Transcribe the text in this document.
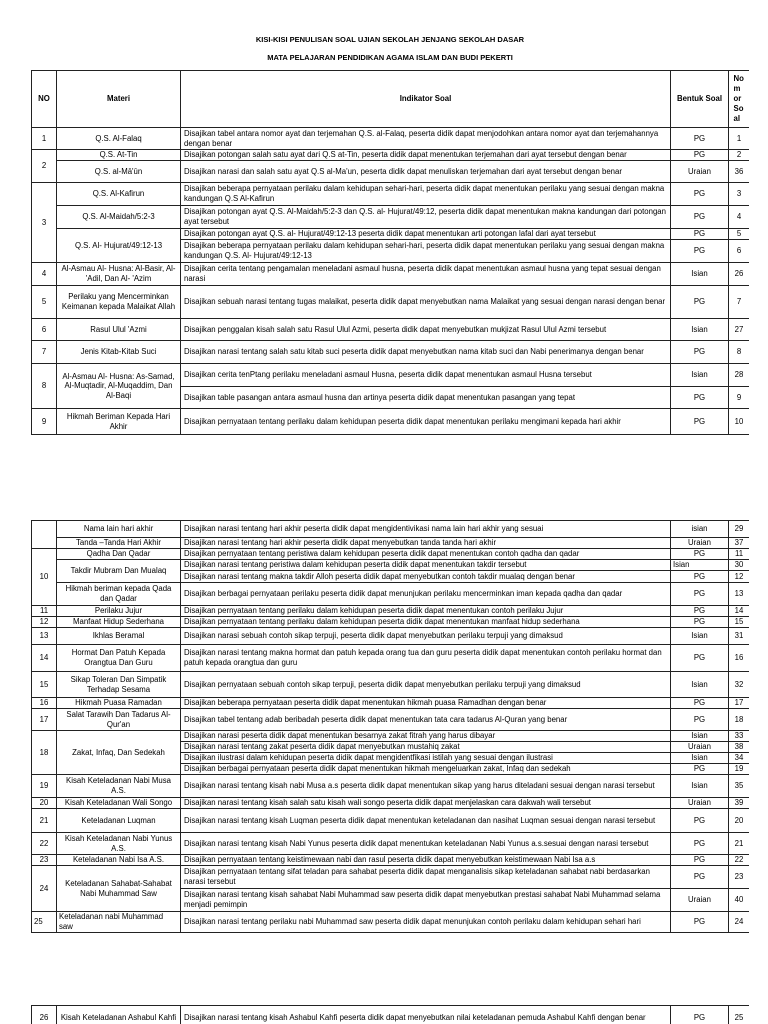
KISI-KISI PENULISAN SOAL UJIAN SEKOLAH JENJANG SEKOLAH DASAR
MATA PELAJARAN PENDIDIKAN AGAMA ISLAM DAN BUDI PEKERTI
NO	Materi	Indikator Soal	Bentuk Soal	Nomor Soal
1	Q.S. Al-Falaq	Disajikan tabel antara nomor ayat dan terjemahan Q.S. al-Falaq, peserta didik dapat menjodohkan antara nomor ayat dan terjemahannya dengan benar	PG	1
2	Q.S. At-Tin	Disajikan potongan salah satu ayat dari Q.S at-Tin, peserta didik dapat menentukan terjemahan dari ayat tersebut dengan benar	PG	2
	Q.S. al-Mā'ūn	Disajikan narasi dan salah satu ayat Q.S al-Ma'un, peserta didik dapat menuliskan terjemahan dari ayat tersebut dengan benar	Uraian	36
3	Q.S. Al-Kafirun	Disajikan beberapa pernyataan perilaku dalam kehidupan sehari-hari, peserta didik dapat menentukan perilaku yang sesuai dengan makna kandungan Q.S Al-Kafirun	PG	3
	Q.S. Al-Maidah/5:2-3	Disajikan potongan ayat Q.S. Al-Maidah/5:2-3 dan Q.S. al- Hujurat/49:12, peserta didik dapat menentukan makna kandungan dari potongan ayat tersebut	PG	4
	Q.S. Al- Hujurat/49:12-13	Disajikan potongan ayat Q.S. al- Hujurat/49:12-13 peserta didik dapat menentukan arti potongan lafal dari ayat tersebut	PG	5
		Disajikan beberapa pernyataan perilaku dalam kehidupan sehari-hari, peserta didik dapat menentukan perilaku yang sesuai dengan makna kandungan Q.S. Al- Hujurat/49:12-13	PG	6
4	Al-Asmau Al- Husna: Al-Basir, Al-'Adil, Dan Al- 'Azim	Disajikan cerita tentang pengamalan meneladani asmaul husna, peserta didik dapat menentukan asmaul husna yang tepat sesuai dengan narasi	Isian	26
5	Perilaku yang Mencerminkan Keimanan kepada Malaikat Allah	Disajikan sebuah narasi tentang tugas malaikat, peserta didik dapat menyebutkan nama Malaikat yang sesuai dengan narasi dengan benar	PG	7
6	Rasul Ulul 'Azmi	Disajikan penggalan kisah salah satu Rasul Ulul Azmi, peserta didik dapat menyebutkan mukjizat Rasul Ulul Azmi tersebut	Isian	27
7	Jenis Kitab-Kitab Suci	Disajikan narasi tentang salah satu kitab suci peserta didik dapat menyebutkan nama kitab suci dan Nabi penerimanya dengan benar	PG	8
8	Al-Asmau Al- Husna: As-Samad, Al-Muqtadir, Al-Muqaddim, Dan Al-Baqi	Disajikan cerita tenPtang perilaku meneladani asmaul Husna, peserta didik dapat menentukan asmaul Husna tersebut	Isian	28
		Disajikan table pasangan antara asmaul husna dan artinya peserta didik dapat menentukan pasangan yang tepat	PG	9
9	Hikmah Beriman Kepada Hari Akhir	Disajikan pernyataan tentang perilaku dalam kehidupan peserta didik dapat menentukan perilaku mengimani kepada hari akhir	PG	10
	Nama lain hari akhir	Disajikan narasi tentang hari akhir peserta didik dapat mengidentivikasi nama lain hari akhir yang sesuai	isian	29
	Tanda –Tanda Hari Akhir	Disajikan narasi tentang hari akhir peserta didik dapat menyebutkan tanda tanda hari akhir	Uraian	37
10	Qadha Dan Qadar	Disajikan pernyataan tentang peristiwa dalam kehidupan peserta didik dapat menentukan contoh qadha dan qadar	PG	11
	Takdir Mubram Dan Mualaq	Disajikan narasi tentang peristiwa dalam kehidupan peserta didik dapat menentukan takdir tersebut	Isian	30
		Disajikan narasi tentang makna takdir Alloh peserta didik dapat menyebutkan contoh takdir mualaq dengan benar	PG	12
	Hikmah beriman kepada Qada dan Qadar	Disajikan berbagai pernyataan perilaku peserta didik dapat menunjukan perilaku mencerminkan iman kepada qadha dan qadar	PG	13
11	Perilaku Jujur	Disajikan pernyataan tentang perilaku dalam kehidupan peserta didik dapat menentukan contoh perilaku Jujur	PG	14
12	Manfaat Hidup Sederhana	Disajikan pernyataan tentang perilaku dalam kehidupan peserta didik dapat menentukan manfaat hidup sederhana	PG	15
13	Ikhlas Beramal	Disajikan narasi sebuah contoh sikap terpuji, peserta didik dapat menyebutkan perilaku terpuji yang dimaksud	Isian	31
14	Hormat Dan Patuh Kepada Orangtua Dan Guru	Disajikan narasi tentang makna hormat dan patuh kepada orang tua dan guru peserta didik dapat menentukan contoh perilaku hormat dan patuh kepada orangtua dan guru	PG	16
15	Sikap Toleran Dan Simpatik Terhadap Sesama	Disajikan pernyataan sebuah contoh sikap terpuji, peserta didik dapat menyebutkan perilaku terpuji yang dimaksud	Isian	32
16	Hikmah Puasa Ramadan	Disajikan beberapa pernyataan peserta didik dapat menentukan hikmah puasa Ramadhan dengan benar	PG	17
17	Salat Tarawih Dan Tadarus Al-Qur'an	Disajikan tabel tentang adab beribadah peserta didik dapat menentukan tata cara tadarus Al-Quran yang benar	PG	18
18	Zakat, Infaq, Dan Sedekah	Disajikan narasi peserta didik dapat menentukan besarnya zakat fitrah yang harus dibayar	Isian	33
		Disajikan narasi tentang zakat peserta didik dapat menyebutkan mustahiq zakat	Uraian	38
		Disajikan ilustrasi dalam kehidupan peserta didik dapat mengidentfikasi istilah yang sesuai dengan ilustrasi	Isian	34
		Disajikan berbagai pernyataan peserta didik dapat menentukan hikmah mengeluarkan zakat, Infaq dan sedekah	PG	19
19	Kisah Keteladanan Nabi Musa A.S.	Disajikan narasi tentang kisah nabi Musa a.s peserta didik dapat menentukan sikap yang harus diteladani sesuai dengan narasi tersebut	Isian	35
20	Kisah Keteladanan Wali Songo	Disajikan narasi tentang kisah salah satu kisah wali songo peserta didik dapat menjelaskan cara dakwah wali tersebut	Uraian	39
21	Keteladanan Luqman	Disajikan narasi tentang kisah Luqman peserta didik dapat menentukan keteladanan dan nasihat Luqman sesuai dengan narasi tersebut	PG	20
22	Kisah Keteladanan Nabi Yunus A.S.	Disajikan narasi tentang kisah Nabi Yunus peserta didik dapat menentukan keteladanan Nabi Yunus a.s.sesuai dengan narasi tersebut	PG	21
23	Keteladanan Nabi Isa A.S.	Disajikan pernyataan tentang keistimewaan nabi dan rasul peserta didik dapat menyebutkan keistimewaan Nabi Isa a.s	PG	22
24	Keteladanan Sahabat-Sahabat Nabi Muhammad Saw	Disajikan pernyataan tentang sifat teladan para sahabat peserta didik dapat menganalisis sikap keteladanan sahabat nabi berdasarkan narasi tersebut	PG	23
		Disajikan narasi tentang kisah sahabat Nabi Muhammad saw peserta didik dapat menyebutkan prestasi sahabat Nabi Muhammad selama menjadi pemimpin	Uraian	40
25	Keteladanan nabi Muhammad saw	Disajikan narasi tentang perilaku nabi Muhammad saw peserta didik dapat menunjukan contoh perilaku dalam kehidupan sehari hari	PG	24
26	Kisah Keteladanan Ashabul Kahfi	Disajikan narasi tentang kisah Ashabul Kahfi peserta didik dapat menyebutkan nilai keteladanan pemuda Ashabul Kahfi dengan benar	PG	25
